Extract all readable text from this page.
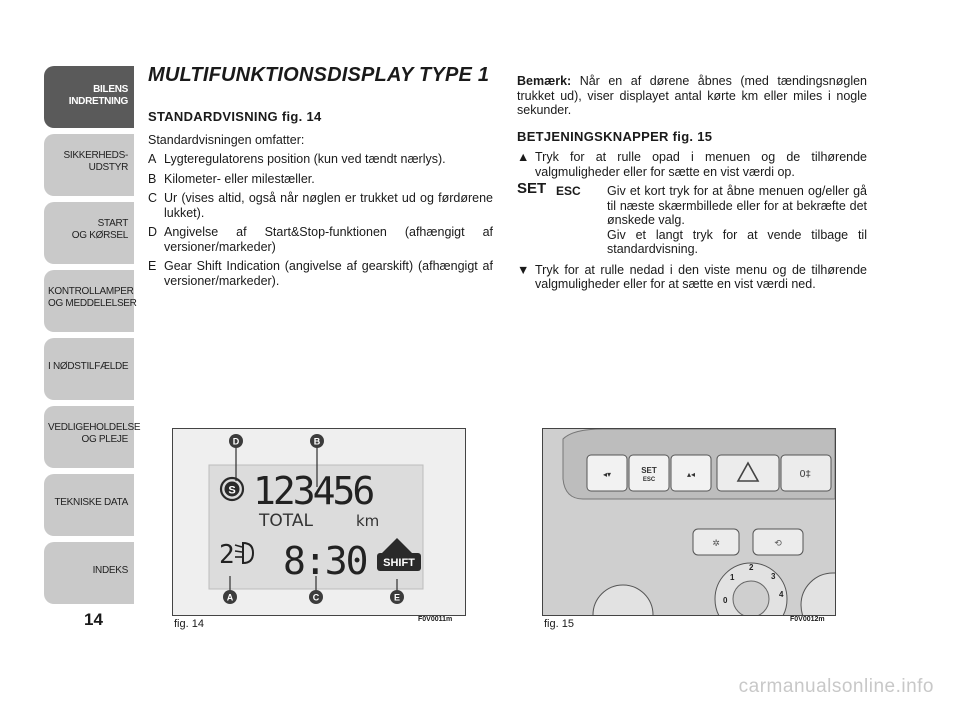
BILENS
INDRETNING
SIKKERHEDS-
UDSTYR
START
OG KØRSEL
KONTROLLAMPER
OG MEDDELELSER
I NØDSTILFÆLDE
VEDLIGEHOLDELSE
OG PLEJE
TEKNISKE DATA
INDEKS
14
MULTIFUNKTIONSDISPLAY TYPE 1
STANDARDVISNING fig. 14
Standardvisningen omfatter:
A Lygteregulatorens position (kun ved tændt nærlys).
B Kilometer- eller milestæller.
C Ur (vises altid, også når nøglen er trukket ud og førdørene lukket).
D Angivelse af Start&Stop-funktionen (afhængigt af versioner/markeder)
E Gear Shift Indication (angivelse af gearskift) (afhængigt af versioner/markeder).
Bemærk: Når en af dørene åbnes (med tændingsnøglen trukket ud), viser displayet antal kørte km eller miles i nogle sekunder.
BETJENINGSKNAPPER fig. 15
▲ Tryk for at rulle opad i menuen og de tilhørende valgmuligheder eller for sætte en vist værdi op.
SET ESC Giv et kort tryk for at åbne menuen og/eller gå til næste skærmbillede eller for at bekræfte det ønskede valg.
Giv et langt tryk for at vende tilbage til standardvisning.
▼ Tryk for at rulle nedad i den viste menu og de tilhørende valgmuligheder eller for at sætte en vist værdi ned.
S 123456
TOTAL	km
2 8:30 SHIFT
D	B
A	C	E
fig. 14	F0V0011m
◂▾	SET
ESC
▴◂	0‡
✲	⟲
0
1
2
3
4
fig. 15	F0V0012m
carmanualsonline.info
